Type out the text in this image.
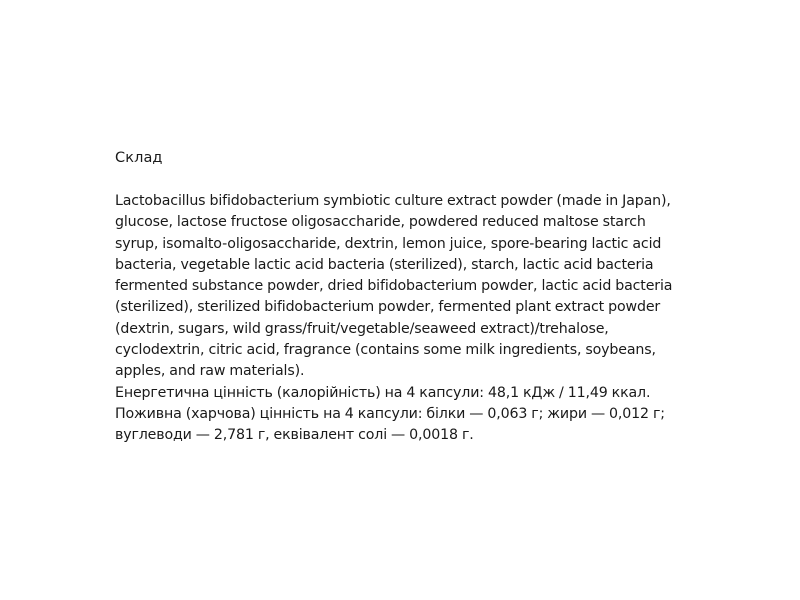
Склад

Lactobacillus bifidobacterium symbiotic culture extract powder (made in Japan),
glucose, lactose fructose oligosaccharide, powdered reduced maltose starch
syrup, isomalto-oligosaccharide, dextrin, lemon juice, spore-bearing lactic acid
bacteria, vegetable lactic acid bacteria (sterilized), starch, lactic acid bacteria
fermented substance powder, dried bifidobacterium powder, lactic acid bacteria
(sterilized), sterilized bifidobacterium powder, fermented plant extract powder
(dextrin, sugars, wild grass/fruit/vegetable/seaweed extract)/trehalose,
cyclodextrin, citric acid, fragrance (contains some milk ingredients, soybeans,
apples, and raw materials).
Енергетична цінність (калорійність) на 4 капсули: 48,1 кДж / 11,49 ккал.
Поживна (харчова) цінність на 4 капсули: білки — 0,063 г; жири — 0,012 г;
вуглеводи — 2,781 г, еквівалент солі — 0,0018 г.
